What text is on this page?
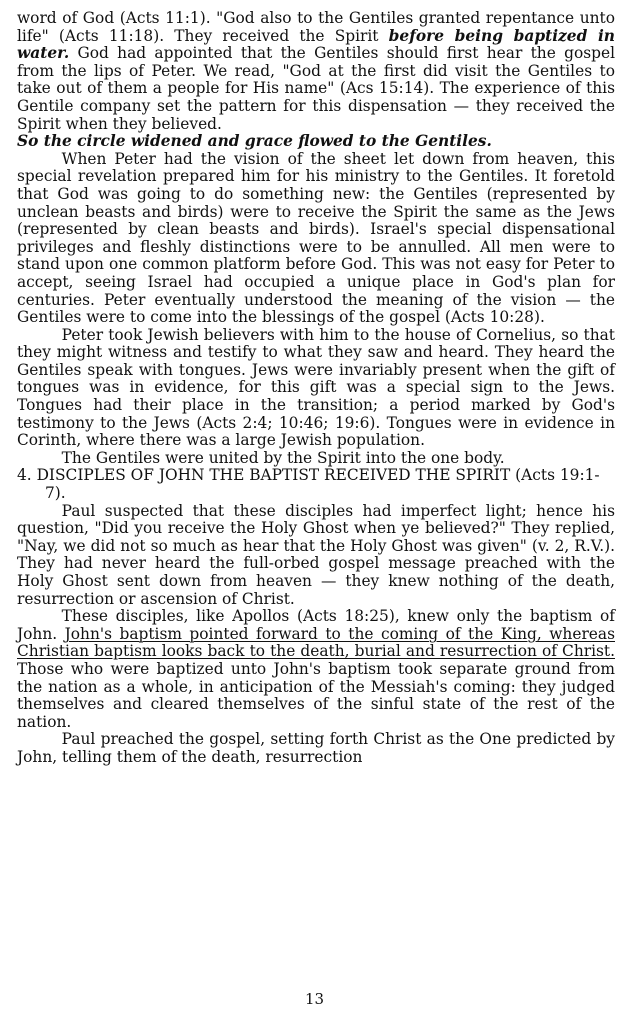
word of God (Acts 11:1). "God also to the Gentiles granted repentance unto life" (Acts 11:18). They received the Spirit before being baptized in water. God had appointed that the Gentiles should first hear the gospel from the lips of Peter. We read, "God at the first did visit the Gentiles to take out of them a people for His name" (Acs 15:14). The experience of this Gentile company set the pattern for this dispensation — they received the Spirit when they believed.

So the circle widened and grace flowed to the Gentiles.

When Peter had the vision of the sheet let down from heaven, this special revelation prepared him for his ministry to the Gentiles. It foretold that God was going to do something new: the Gentiles (represented by unclean beasts and birds) were to receive the Spirit the same as the Jews (represented by clean beasts and birds). Israel's special dispensational privileges and fleshly distinctions were to be annulled. All men were to stand upon one common platform before God. This was not easy for Peter to accept, seeing Israel had occupied a unique place in God's plan for centuries. Peter eventually understood the meaning of the vision — the Gentiles were to come into the blessings of the gospel (Acts 10:28).

Peter took Jewish believers with him to the house of Cornelius, so that they might witness and testify to what they saw and heard. They heard the Gentiles speak with tongues. Jews were invariably present when the gift of tongues was in evidence, for this gift was a special sign to the Jews. Tongues had their place in the transition; a period marked by God's testimony to the Jews (Acts 2:4; 10:46; 19:6). Tongues were in evidence in Corinth, where there was a large Jewish population.

The Gentiles were united by the Spirit into the one body.

4. DISCIPLES OF JOHN THE BAPTIST RECEIVED THE SPIRIT (Acts 19:1-7).

Paul suspected that these disciples had imperfect light; hence his question, "Did you receive the Holy Ghost when ye believed?" They replied, "Nay, we did not so much as hear that the Holy Ghost was given" (v. 2, R.V.). They had never heard the full-orbed gospel message preached with the Holy Ghost sent down from heaven — they knew nothing of the death, resurrection or ascension of Christ.

These disciples, like Apollos (Acts 18:25), knew only the baptism of John. John's baptism pointed forward to the coming of the King, whereas Christian baptism looks back to the death, burial and resurrection of Christ. Those who were baptized unto John's baptism took separate ground from the nation as a whole, in anticipation of the Messiah's coming: they judged themselves and cleared themselves of the sinful state of the rest of the nation.

Paul preached the gospel, setting forth Christ as the One predicted by John, telling them of the death, resurrection

13
